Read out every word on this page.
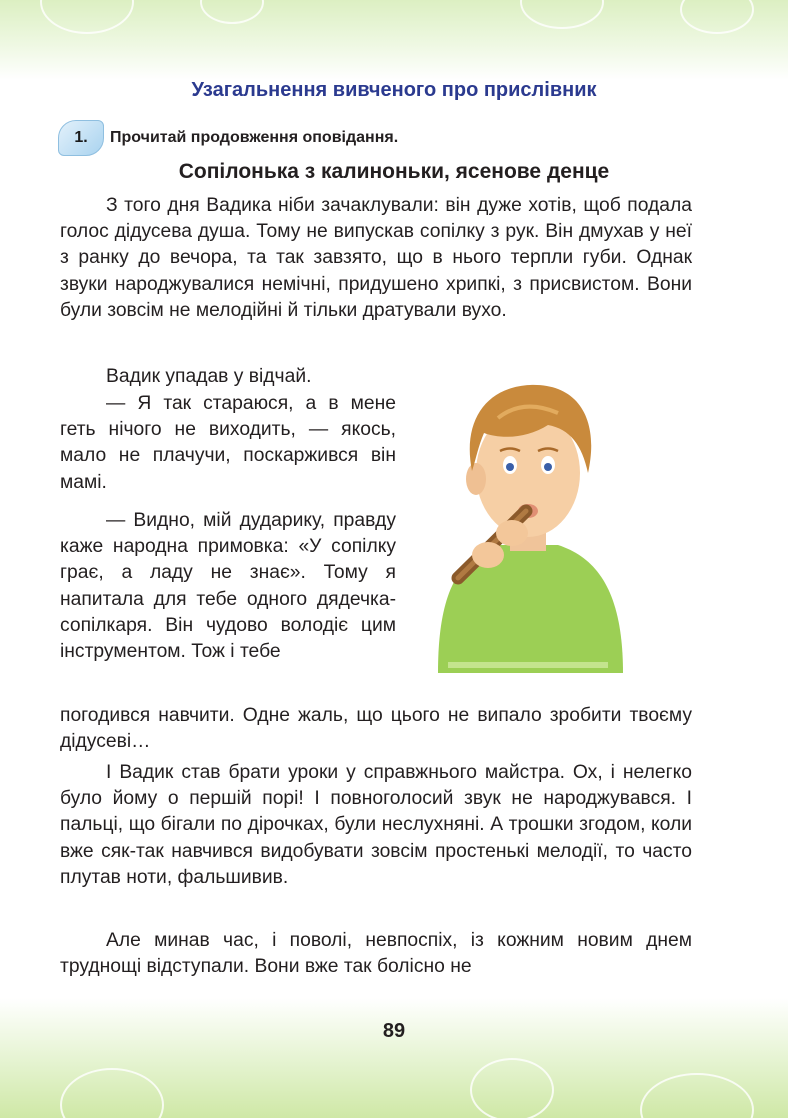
Узагальнення вивченого про прислівник
1.	Прочитай продовження оповідання.
Сопілонька з калиноньки, ясенове денце

З того дня Вадика ніби зачаклували: він дуже хотів, щоб подала голос дідусева душа. Тому не випускав сопілку з рук. Він дмухав у неї з ранку до вечора, та так завзято, що в нього терпли губи. Однак звуки народжувалися немічні, придушено хрипкі, з присвистом. Вони були зовсім не мелодійні й тільки дратували вухо.

Вадик упадав у відчай.

— Я так стараюся, а в мене геть нічого не виходить, — якось, мало не плачучи, поскаржився він мамі.

— Видно, мій дударику, правду каже народна примовка: «У сопілку грає, а ладу не знає». Тому я напитала для тебе одного дядечка-сопілкаря. Він чудово володіє цим інструментом. Тож і тебе

погодився навчити. Одне жаль, що цього не випало зробити твоєму дідусеві…

І Вадик став брати уроки у справжнього майстра. Ох, і нелегко було йому о першій порі! І повноголосий звук не народжувався. І пальці, що бігали по дірочках, були неслухняні. А трошки згодом, коли вже сяк-так навчився видобувати зовсім простенькі мелодії, то часто плутав ноти, фальшивив.

Але минав час, і поволі, невпоспіх, із кожним новим днем труднощі відступали. Вони вже так болісно не

89
